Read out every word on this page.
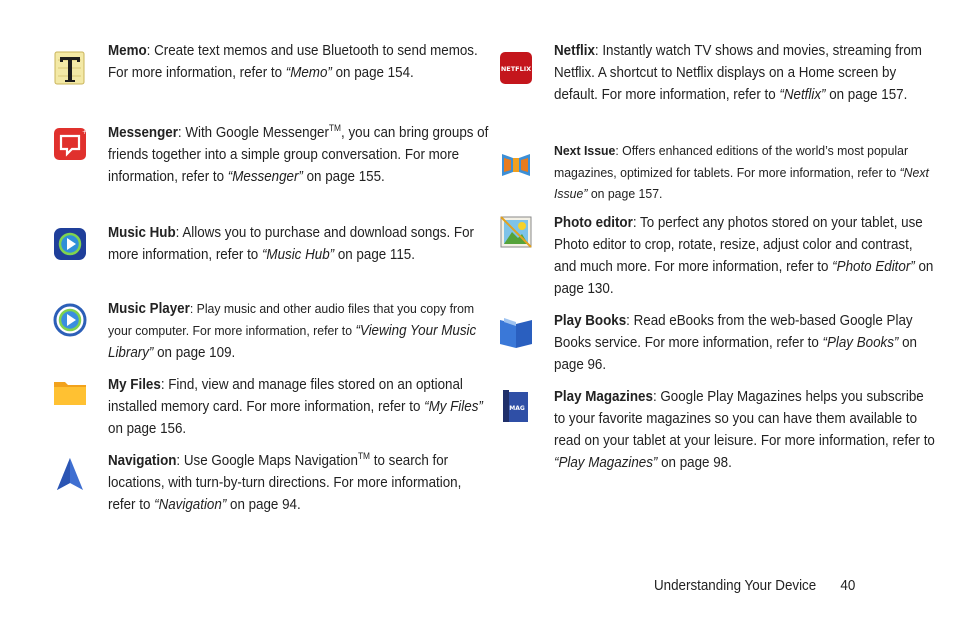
Memo: Create text memos and use Bluetooth to send memos. For more information, refer to “Memo” on page 154.
+ Messenger: With Google Messenger™, you can bring groups of friends together into a simple group conversation. For more information, refer to “Messenger” on page 155.
Music Hub: Allows you to purchase and download songs. For more information, refer to “Music Hub” on page 115.
Music Player: Play music and other audio files that you copy from your computer. For more information, refer to “Viewing Your Music Library” on page 109.
My Files: Find, view and manage files stored on an optional installed memory card. For more information, refer to “My Files” on page 156.
Navigation: Use Google Maps Navigation™ to search for locations, with turn-by-turn directions. For more information, refer to “Navigation” on page 94.
NETFLIX
Netflix: Instantly watch TV shows and movies, streaming from Netflix. A shortcut to Netflix displays on a Home screen by default. For more information, refer to “Netflix” on page 157.
Next Issue: Offers enhanced editions of the world’s most popular magazines, optimized for tablets. For more information, refer to “Next Issue” on page 157.
Photo editor: To perfect any photos stored on your tablet, use Photo editor to crop, rotate, resize, adjust color and contrast, and much more. For more information, refer to “Photo Editor” on page 130.
Play Books: Read eBooks from the web-based Google Play Books service. For more information, refer to “Play Books” on page 96.
MAG
Play Magazines: Google Play Magazines helps you subscribe to your favorite magazines so you can have them available to read on your tablet at your leisure. For more information, refer to “Play Magazines” on page 98.
Understanding Your Device 40
